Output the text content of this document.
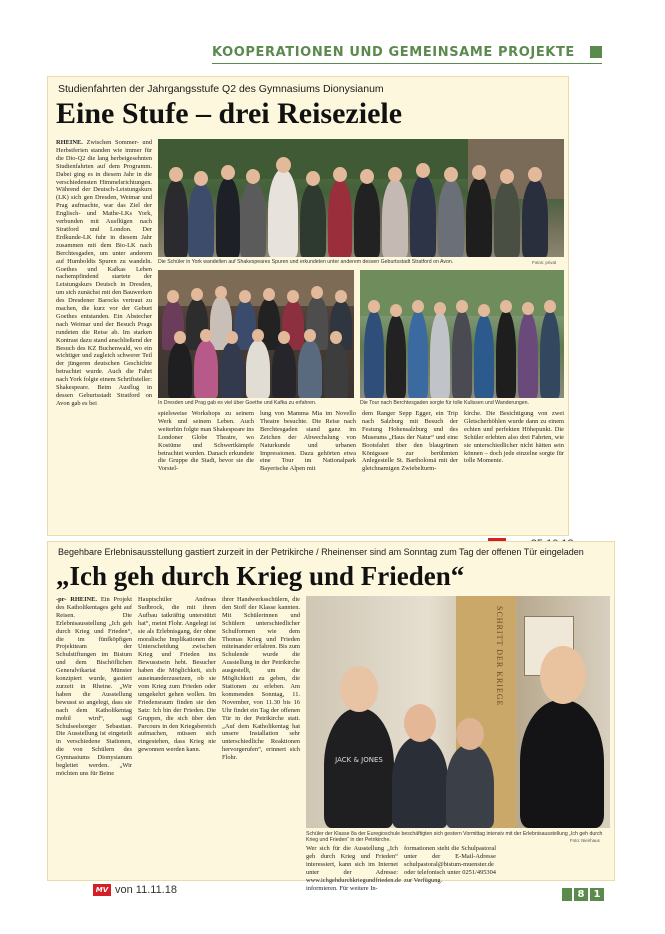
KOOPERATIONEN UND GEMEINSAME PROJEKTE
Studienfahrten der Jahrgangsstufe Q2 des Gymnasiums Dionysianum
Eine Stufe – drei Reiseziele
RHEINE. Zwischen Sommer- und Herbstferien standen wie immer für die Dio-Q2 die lang herbeigesehnten Studienfahrten auf dem Programm. Dabei ging es in diesem Jahr in die verschiedensten Himmelsrichtungen. Während der Deutsch-Leistungskurs (LK) sich gen Dresden, Weimar und Prag aufmachte, war das Ziel der Englisch- und Mathe-LKs York, verbunden mit Ausflügen nach Stratford und London. Der Erdkunde-LK fuhr in diesem Jahr zusammen mit dem Bio-LK nach Berchtesgaden, um unter anderem auf Humboldts Spuren zu wandeln. Goethes und Kafkas Leben nachempfindend startete der Leistungskurs Deutsch in Dresden, um sich zunächst mit den Bauwerken des Dresdener Barocks vertraut zu machen, die kurz vor der Geburt Goethes entstanden. Ein Abstecher nach Weimar und der Besuch Prags rundeten die Reise ab. Im starken Kontrast dazu stand anschließend der Besuch des KZ Buchenwald, wo ein wichtiger und zugleich schwerer Teil der jüngeren deutschen Geschichte betrachtet wurde. Auch die Fahrt nach York folgte einem Schriftsteller: Shakespeare. Beim Ausflug in dessen Geburtsstadt Stratford on Avon gab es bei
Die Schüler in York wandelten auf Shakespeares Spuren und erkundeten unter anderem dessen Geburtsstadt Stratford on Avon.	Fotos: privat
In Dresden und Prag gab es viel über Goethe und Kafka zu erfahren.	Die Tour nach Berchtesgaden sorgte für tolle Kulissen und Wanderungen.
spielsweise Workshops zu seinem Werk und seinem Leben. Auch weiterhin folgte man Shakespeare ins Londoner Globe Theatre, wo Kostüme und Schwertkämpfe betrachtet wurden. Danach erkundete die Gruppe die Stadt, bevor sie die Vorstel-
lung von Mamma Mia im Novello Theatre besuchte. Die Reise nach Berchtesgaden stand ganz im Zeichen der Abwechslung von Naturkunde und urbanen Impressionen. Dazu gehörten etwa eine Tour im Nationalpark Bayerische Alpen mit
dem Ranger Sepp Egger, ein Trip nach Salzburg mit Besuch der Festung Hohensalzburg und des Museums „Haus der Natur“ und eine Bootsfahrt über den blaugrünen Königssee zur berühmten Anlegestelle St. Bartholomä mit der gleichnamigen Zwiebelturm-
kirche. Die Besichtigung von zwei Gletscherhöhlen wurde dann zu einem echten und perfekten Höhepunkt. Die Schüler erlebten also drei Fahrten, wie sie unterschiedlicher nicht hätten sein können – doch jede einzelne sorgte für tolle Momente.
Begehbare Erlebnisausstellung gastiert zurzeit in der Petrikirche / Rheinenser sind am Sonntag zum Tag der offenen Tür eingeladen
„Ich geh durch Krieg und Frieden“
-pr- RHEINE. Ein Projekt des Katholikentages geht auf Reisen. Die Erlebnisausstellung „Ich geh durch Krieg und Frieden“, die im fünfköpfigen Projektteam der Schulstiftungen im Bistum und dem Bischöflichen Generalvikariat Münster konzipiert wurde, gastiert zurzeit in Rheine. „Wir haben die Ausstellung bewusst so angelegt, dass sie nach dem Katholikentag mobil wird“, sagt Schulseelsorger Sebastian. Die Ausstellung ist eingeteilt in verschiedene Stationen, die von Schülern des Gymnasiums Dionysianum begleitet werden. „Wir möchten uns für Beine
Hauptschüler Andreas Sudbrock, die mit ihren Aufbau tatkräftig unterstützt hat“, meint Flohr. Angelegt ist sie als Erlebnisgang, der ohne moralische Implikationen die Unterscheidung zwischen Krieg und Frieden ins Bewusstsein hebt. Besucher haben die Möglichkeit, sich auseinanderzusetzen, ob sie vom Krieg zum Frieden oder umgekehrt gehen wollen. Im Friedensraum finden sie den Satz: Ich bin der Frieden. Die Gruppen, die sich über den Parcours in den Kriegsbereich aufmachen, müssen sich eingestehen, dass Krieg nie gewonnen werden kann.
ihrer Handwerksschülern, die den Stoff der Klasse kannten. Mit Schülerinnen und Schülern unterschiedlicher Schulformen wie dem Thomas Krieg und Frieden miteinander erfahren. Bis zum Schulende wurde die Ausstellung in der Petrikirche ausgestellt, um die Möglichkeit zu geben, die Stationen zu erleben. Am kommenden Sonntag, 11. November, von 11.30 bis 16 Uhr findet ein Tag der offenen Tür in der Petrikirche statt. „Auf dem Katholikentag hat unsere Installation sehr unterschiedliche Reaktionen hervorgerufen“, erinnert sich Flohr.
SCHRITT DER KRIEGE
JACK & JONES
Schüler der Klasse 8a der Euregioschule beschäftigten sich gestern Vormittag intensiv mit der Erlebnisausstellung „Ich geh durch Krieg und Frieden“ in der Petrikirche.	Foto: Nienhaus
Wer sich für die Ausstellung „Ich geh durch Krieg und Frieden“ interessiert, kann sich im Internet unter der Adresse: www.ichgehdurchkriegundfrieden.de informieren. Für weitere In-
formationen steht die Schulpastoral unter der E-Mail-Adresse schulpastoral@bistum-muenster.de oder telefonisch unter 0251/495304 zur Verfügung.
MV von 11.11.18	8 1
